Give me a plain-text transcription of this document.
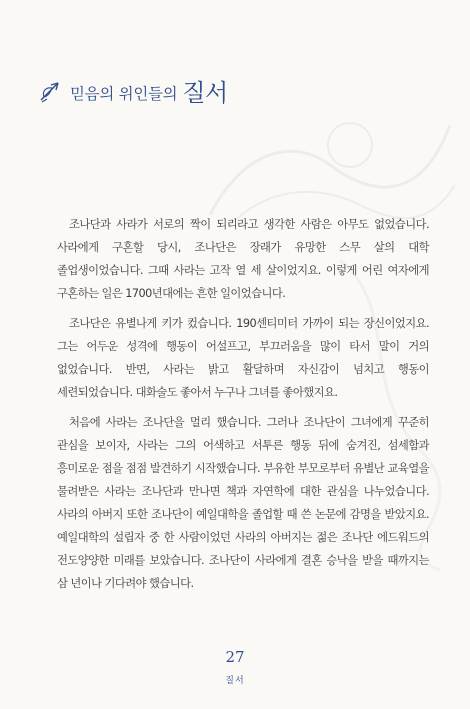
믿음의 위인들의 질서

조나단과 사라가 서로의 짝이 되리라고 생각한 사람은 아무도 없었습니다. 사라에게 구혼할 당시, 조나단은 장래가 유망한 스무 살의 대학 졸업생이었습니다. 그때 사라는 고작 열 세 살이었지요. 이렇게 어린 여자에게 구혼하는 일은 1700년대에는 흔한 일이었습니다.

조나단은 유별나게 키가 컸습니다. 190센티미터 가까이 되는 장신이었지요. 그는 어두운 성격에 행동이 어설프고, 부끄러움을 많이 타서 말이 거의 없었습니다. 반면, 사라는 밝고 활달하며 자신감이 넘치고 행동이 세련되었습니다. 대화술도 좋아서 누구나 그녀를 좋아했지요.

처음에 사라는 조나단을 멀리 했습니다. 그러나 조나단이 그녀에게 꾸준히 관심을 보이자, 사라는 그의 어색하고 서투른 행동 뒤에 숨겨진, 섬세함과 흥미로운 점을 점점 발견하기 시작했습니다. 부유한 부모로부터 유별난 교육열을 물려받은 사라는 조나단과 만나면 책과 자연학에 대한 관심을 나누었습니다. 사라의 아버지 또한 조나단이 예일대학을 졸업할 때 쓴 논문에 감명을 받았지요. 예일대학의 설립자 중 한 사람이었던 사라의 아버지는 젊은 조나단 에드워드의 전도양양한 미래를 보았습니다. 조나단이 사라에게 결혼 승낙을 받을 때까지는 삼 년이나 기다려야 했습니다.

27
질서
